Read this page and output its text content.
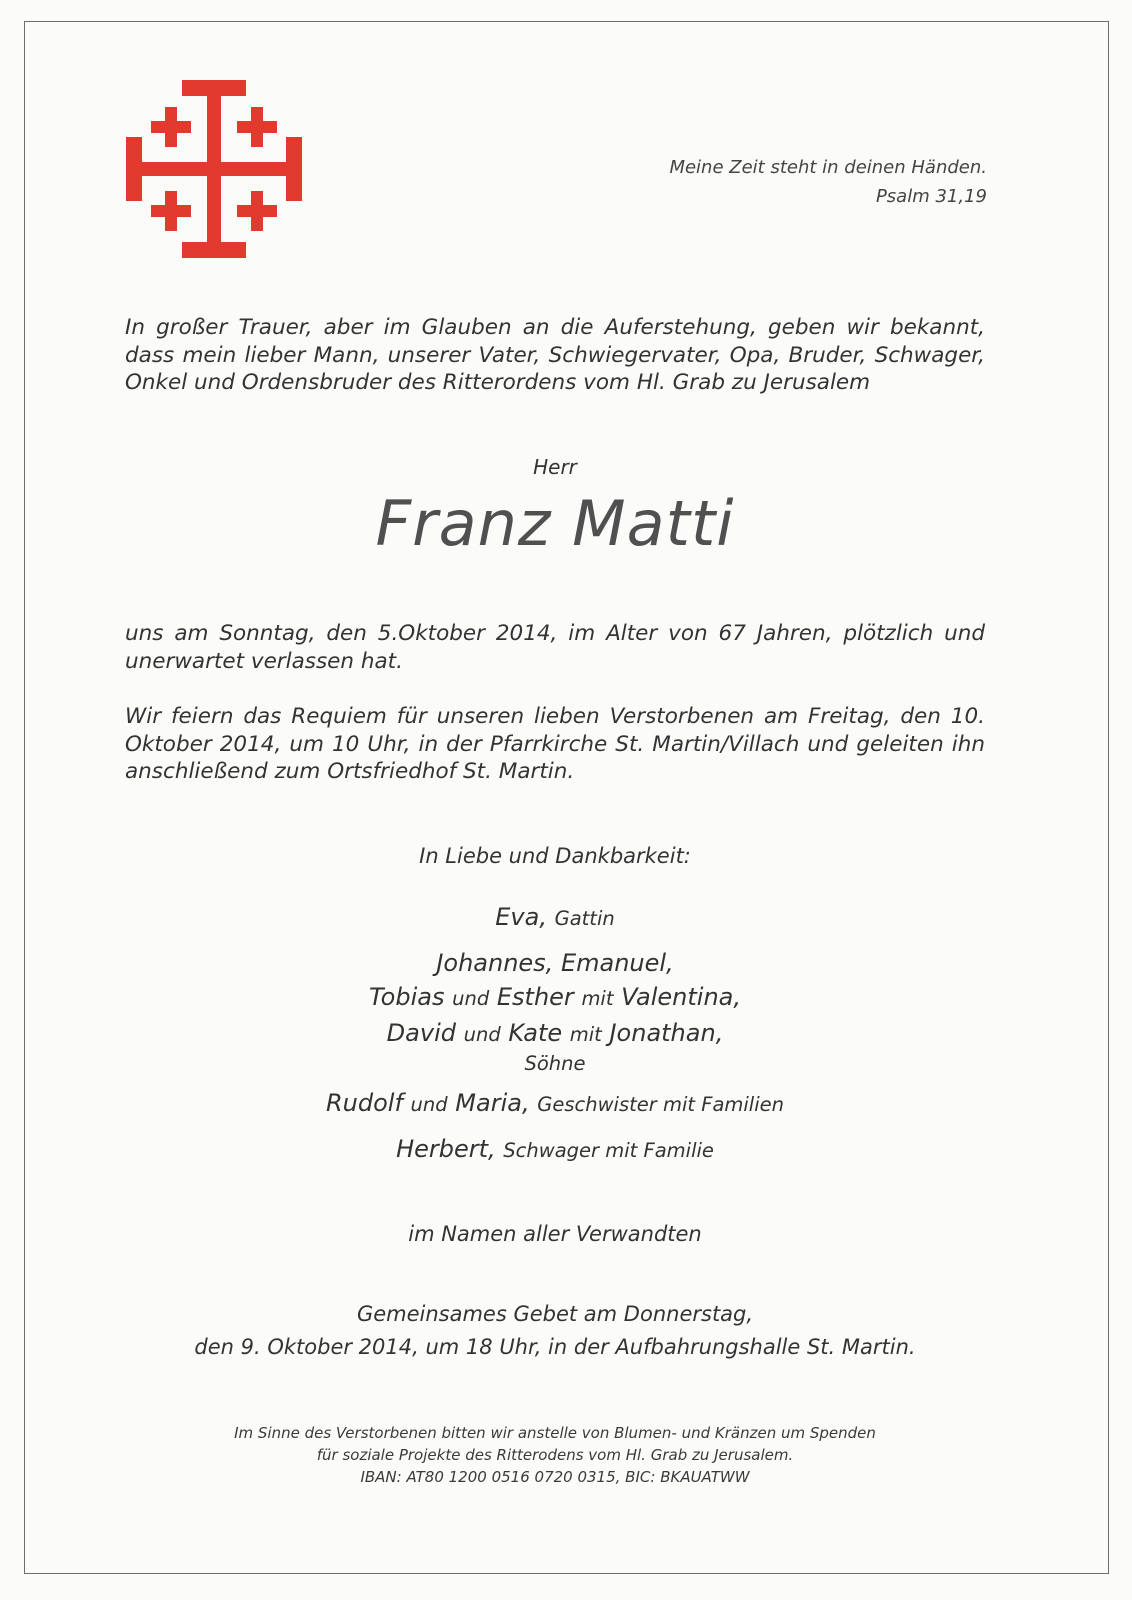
Meine Zeit steht in deinen Händen.
Psalm 31,19
In großer Trauer, aber im Glauben an die Auferstehung, geben wir bekannt, dass mein lieber Mann, unserer Vater, Schwiegervater, Opa, Bruder, Schwager, Onkel und Ordensbruder des Ritterordens vom Hl. Grab zu Jerusalem
Herr
Franz Matti
uns am Sonntag, den 5.Oktober 2014, im Alter von 67 Jahren, plötzlich und unerwartet verlassen hat.
Wir feiern das Requiem für unseren lieben Verstorbenen am Freitag, den 10. Oktober 2014, um 10 Uhr, in der Pfarrkirche St. Martin/Villach und geleiten ihn anschließend zum Ortsfriedhof St. Martin.
In Liebe und Dankbarkeit:
Eva, Gattin
Johannes, Emanuel,
Tobias und Esther mit Valentina,
David und Kate mit Jonathan,
Söhne
Rudolf und Maria, Geschwister mit Familien
Herbert, Schwager mit Familie
im Namen aller Verwandten
Gemeinsames Gebet am Donnerstag,
den 9. Oktober 2014, um 18 Uhr, in der Aufbahrungshalle St. Martin.
Im Sinne des Verstorbenen bitten wir anstelle von Blumen- und Kränzen um Spenden
für soziale Projekte des Ritterodens vom Hl. Grab zu Jerusalem.
IBAN: AT80 1200 0516 0720 0315, BIC: BKAUATWW
